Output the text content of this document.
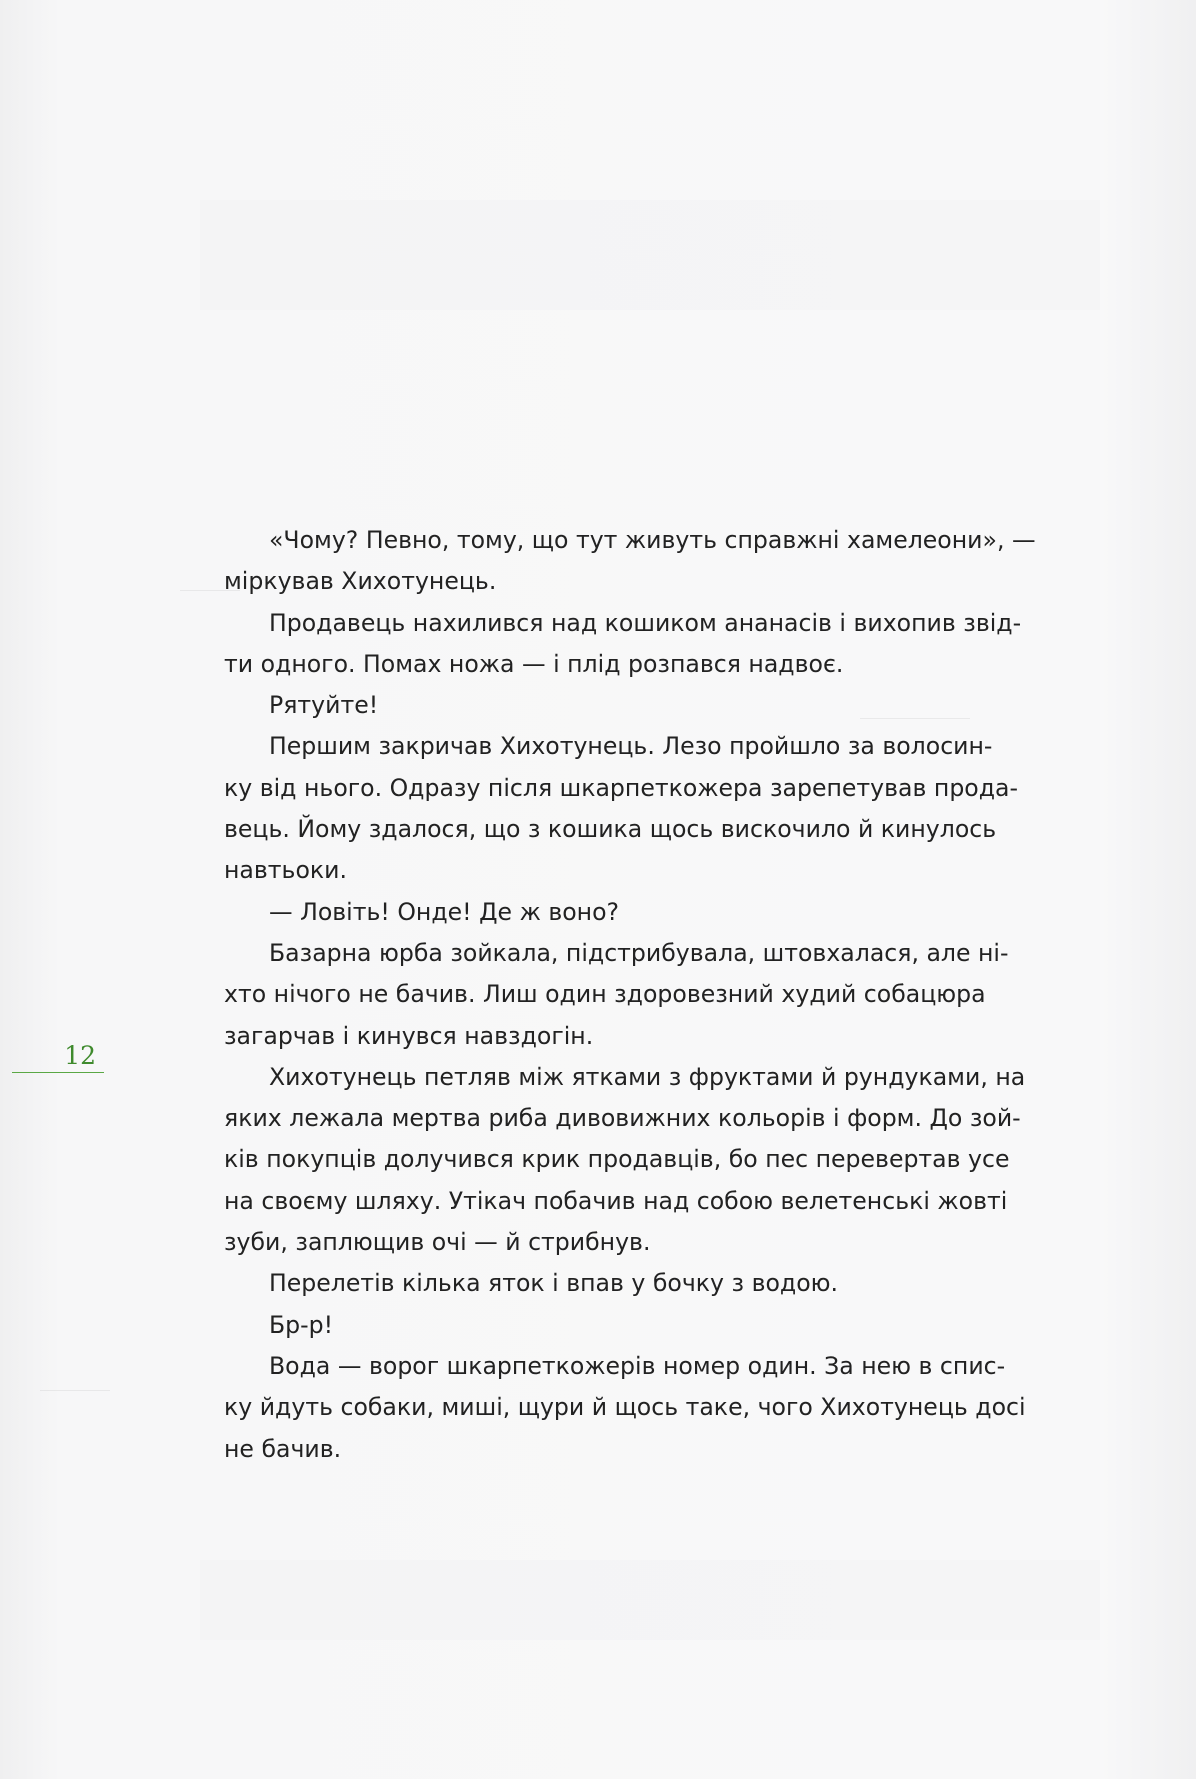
«Чому? Певно, тому, що тут живуть справжні хамелеони», —
міркував Хихотунець.

Продавець нахилився над кошиком ананасів і вихопив звід-
ти одного. Помах ножа — і плід розпався надвоє.

Рятуйте!

Першим закричав Хихотунець. Лезо пройшло за волосин-
ку від нього. Одразу після шкарпеткожера зарепетував прода-
вець. Йому здалося, що з кошика щось вискочило й кинулось
навтьоки.

— Ловіть! Онде! Де ж воно?

Базарна юрба зойкала, підстрибувала, штовхалася, але ні-
хто нічого не бачив. Лиш один здоровезний худий собацюра
загарчав і кинувся навздогін.

Хихотунець петляв між ятками з фруктами й рундуками, на
яких лежала мертва риба дивовижних кольорів і форм. До зой-
ків покупців долучився крик продавців, бо пес перевертав усе
на своєму шляху. Утікач побачив над собою велетенські жовті
зуби, заплющив очі — й стрибнув.

Перелетів кілька яток і впав у бочку з водою.

Бр-р!

Вода — ворог шкарпеткожерів номер один. За нею в спис-
ку йдуть собаки, миші, щури й щось таке, чого Хихотунець досі
не бачив.

12
